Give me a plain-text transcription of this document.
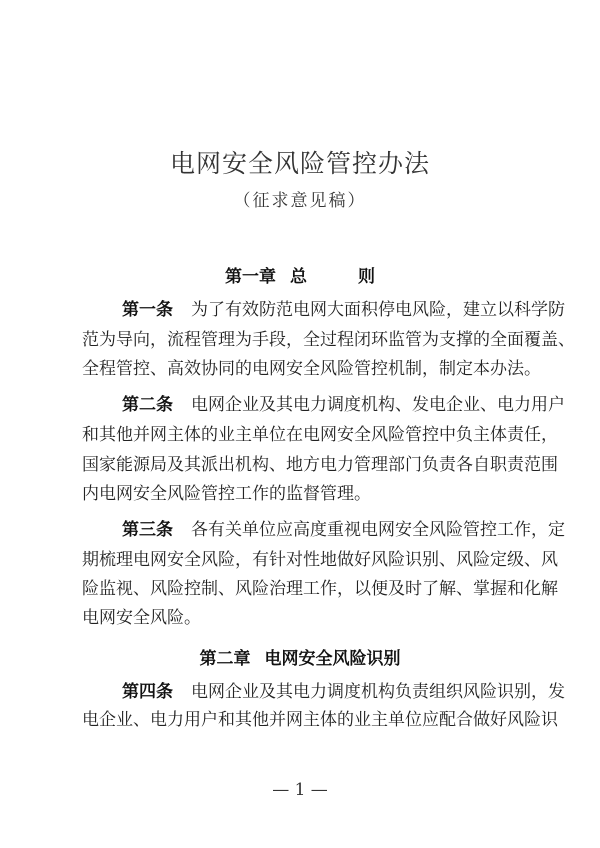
电网安全风险管控办法
（征求意见稿）
第一章 总　　　则
第一条 为了有效防范电网大面积停电风险，建立以科学防
范为导向，流程管理为手段，全过程闭环监管为支撑的全面覆盖、
全程管控、高效协同的电网安全风险管控机制，制定本办法。
第二条 电网企业及其电力调度机构、发电企业、电力用户
和其他并网主体的业主单位在电网安全风险管控中负主体责任，
国家能源局及其派出机构、地方电力管理部门负责各自职责范围
内电网安全风险管控工作的监督管理。
第三条 各有关单位应高度重视电网安全风险管控工作，定
期梳理电网安全风险，有针对性地做好风险识别、风险定级、风
险监视、风险控制、风险治理工作，以便及时了解、掌握和化解
电网安全风险。
第二章 电网安全风险识别
第四条 电网企业及其电力调度机构负责组织风险识别，发
电企业、电力用户和其他并网主体的业主单位应配合做好风险识
— 1 —
